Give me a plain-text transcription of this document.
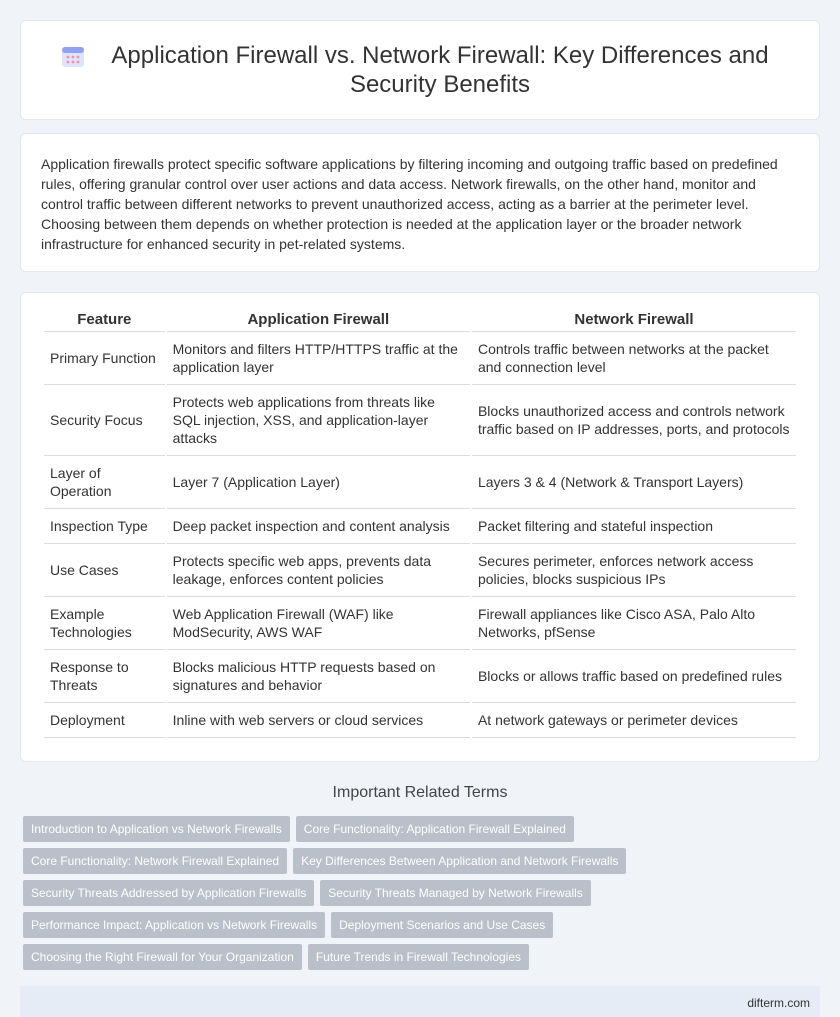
Application Firewall vs. Network Firewall: Key Differences and Security Benefits

Application firewalls protect specific software applications by filtering incoming and outgoing traffic based on predefined rules, offering granular control over user actions and data access. Network firewalls, on the other hand, monitor and control traffic between different networks to prevent unauthorized access, acting as a barrier at the perimeter level. Choosing between them depends on whether protection is needed at the application layer or the broader network infrastructure for enhanced security in pet-related systems.

Feature	Application Firewall	Network Firewall
Primary Function	Monitors and filters HTTP/HTTPS traffic at the application layer	Controls traffic between networks at the packet and connection level
Security Focus	Protects web applications from threats like SQL injection, XSS, and application-layer attacks	Blocks unauthorized access and controls network traffic based on IP addresses, ports, and protocols
Layer of Operation	Layer 7 (Application Layer)	Layers 3 & 4 (Network & Transport Layers)
Inspection Type	Deep packet inspection and content analysis	Packet filtering and stateful inspection
Use Cases	Protects specific web apps, prevents data leakage, enforces content policies	Secures perimeter, enforces network access policies, blocks suspicious IPs
Example Technologies	Web Application Firewall (WAF) like ModSecurity, AWS WAF	Firewall appliances like Cisco ASA, Palo Alto Networks, pfSense
Response to Threats	Blocks malicious HTTP requests based on signatures and behavior	Blocks or allows traffic based on predefined rules
Deployment	Inline with web servers or cloud services	At network gateways or perimeter devices
Important Related Terms
Introduction to Application vs Network Firewalls	Core Functionality: Application Firewall Explained
Core Functionality: Network Firewall Explained	Key Differences Between Application and Network Firewalls
Security Threats Addressed by Application Firewalls	Security Threats Managed by Network Firewalls
Performance Impact: Application vs Network Firewalls	Deployment Scenarios and Use Cases
Choosing the Right Firewall for Your Organization	Future Trends in Firewall Technologies
difterm.com
